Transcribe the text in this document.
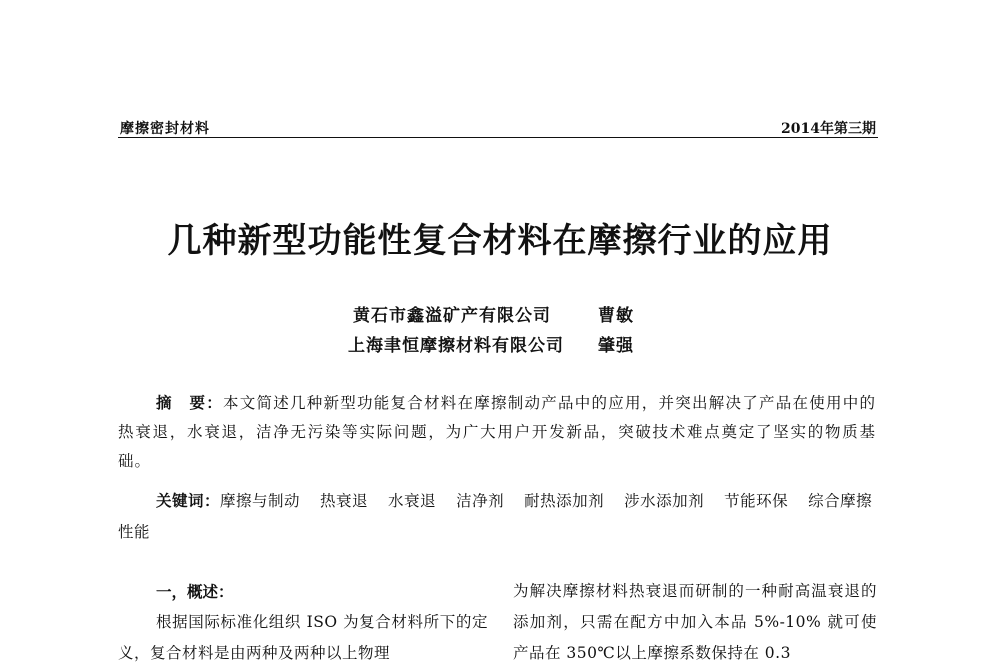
摩擦密封材料	2014年第三期
几种新型功能性复合材料在摩擦行业的应用
黄石市鑫溢矿产有限公司	曹敏
上海聿恒摩擦材料有限公司 肇强
摘　要：本文简述几种新型功能复合材料在摩擦制动产品中的应用，并突出解决了产品在使用中的热衰退，水衰退，洁净无污染等实际问题，为广大用户开发新品，突破技术难点奠定了坚实的物质基础。
关键词：摩擦与制动 热衰退 水衰退 洁净剂 耐热添加剂 涉水添加剂 节能环保 综合摩擦性能
一，概述：
根据国际标准化组织 ISO 为复合材料所下的定义，复合材料是由两种及两种以上物理
为解决摩擦材料热衰退而研制的一种耐高温衰退的添加剂，只需在配方中加入本品 5%-10% 就可使产品在 350℃以上摩擦系数保持在 0.3
